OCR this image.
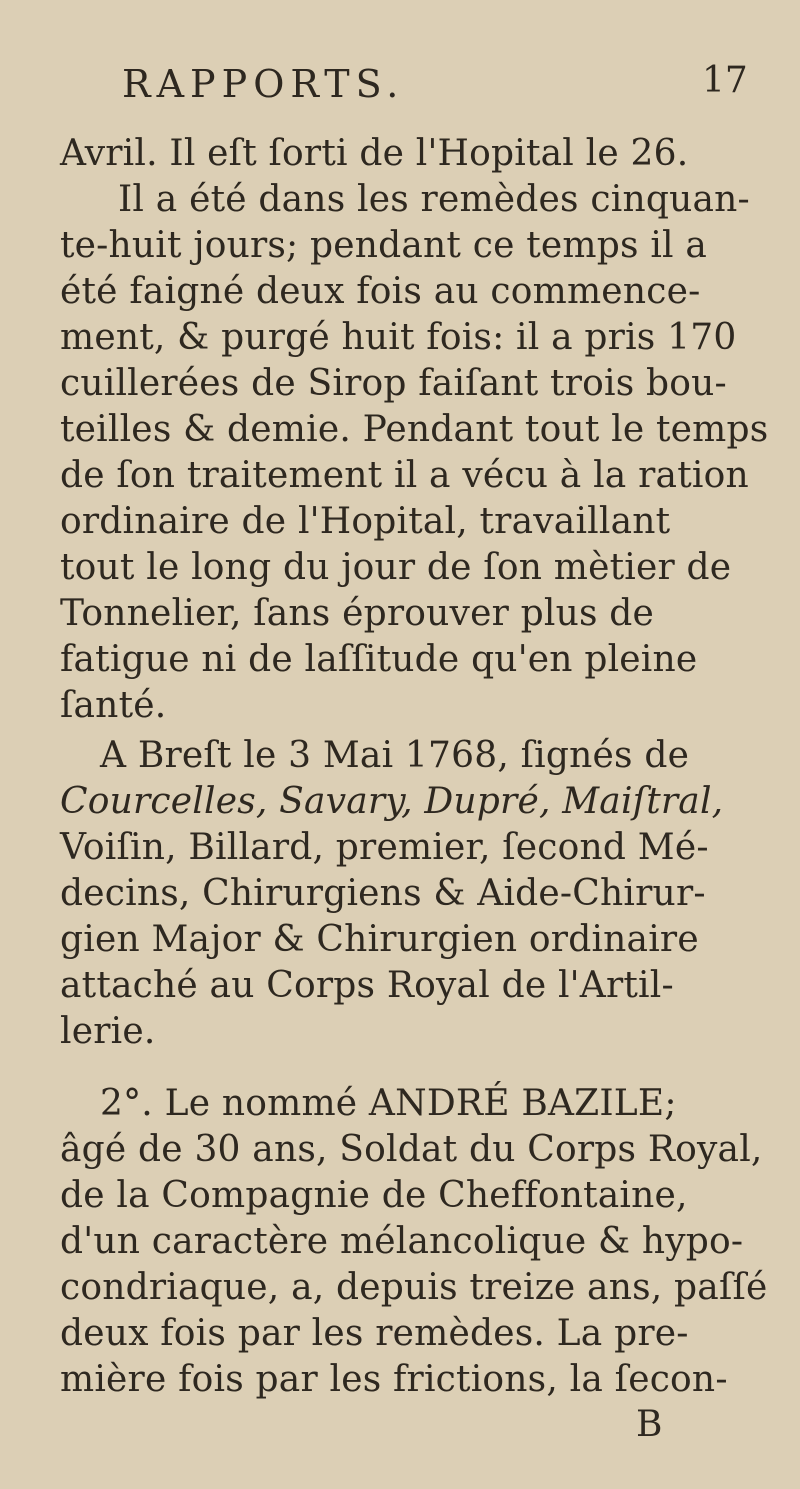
RAPPORTS.	17
Avril. Il eſt ſorti de l'Hopital le 26.
Il a été dans les remèdes cinquan-
te-huit jours; pendant ce temps il a
été faigné deux fois au commence-
ment, & purgé huit fois: il a pris 170
cuillerées de Sirop faiſant trois bou-
teilles & demie. Pendant tout le temps
de ſon traitement il a vécu à la ration
ordinaire de l'Hopital, travaillant
tout le long du jour de ſon mètier de
Tonnelier, ſans éprouver plus de
fatigue ni de laſſitude qu'en pleine
ſanté.
A Breſt le 3 Mai 1768, ſignés de
Courcelles, Savary, Dupré, Maiſtral,
Voiſin, Billard, premier, ſecond Mé-
decins, Chirurgiens & Aide-Chirur-
gien Major & Chirurgien ordinaire
attaché au Corps Royal de l'Artil-
lerie.
2°. Le nommé ANDRÉ BAZILE;
âgé de 30 ans, Soldat du Corps Royal,
de la Compagnie de Cheffontaine,
d'un caractère mélancolique & hypo-
condriaque, a, depuis treize ans, paſſé
deux fois par les remèdes. La pre-
mière fois par les frictions, la ſecon-
B
